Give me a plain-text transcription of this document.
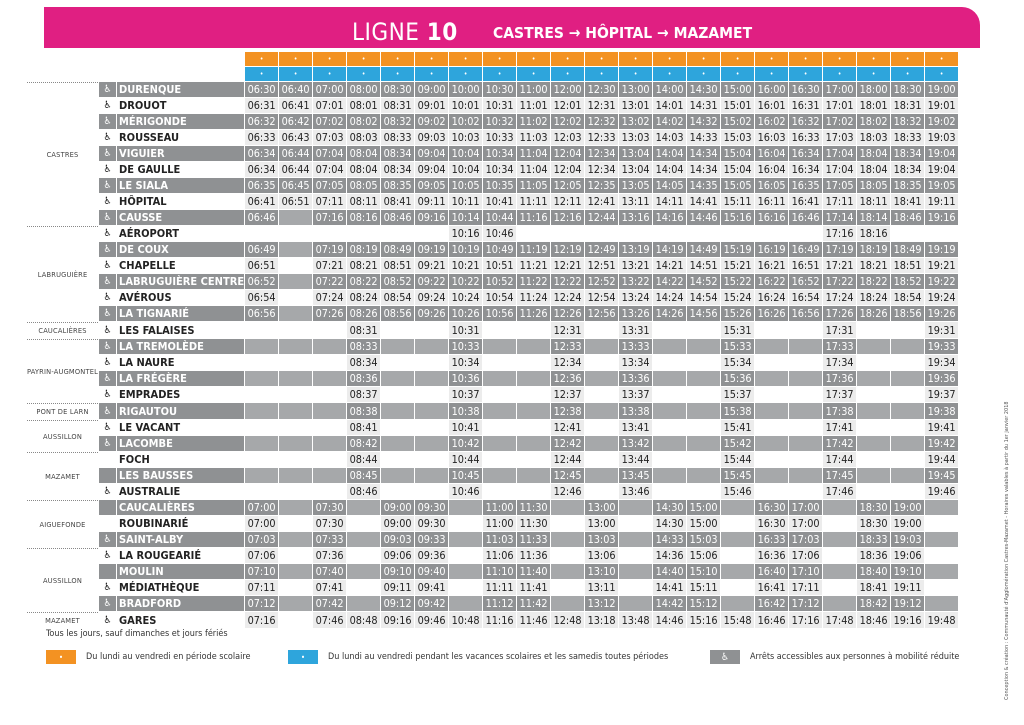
LIGNE 10 CASTRES → HÔPITAL → MAZAMET
			•	•	•	•	•	•	•	•	•	•	•	•	•	•	•	•	•	•	•	•	•
			•	•	•	•	•	•	•	•	•	•	•	•	•	•	•	•	•	•	•	•	•
CASTRES	♿	DURENQUE	06:30	06:40	07:00	08:00	08:30	09:00	10:00	10:30	11:00	12:00	12:30	13:00	14:00	14:30	15:00	16:00	16:30	17:00	18:00	18:30	19:00
	♿	DROUOT	06:31	06:41	07:01	08:01	08:31	09:01	10:01	10:31	11:01	12:01	12:31	13:01	14:01	14:31	15:01	16:01	16:31	17:01	18:01	18:31	19:01
	♿	MÉRIGONDE	06:32	06:42	07:02	08:02	08:32	09:02	10:02	10:32	11:02	12:02	12:32	13:02	14:02	14:32	15:02	16:02	16:32	17:02	18:02	18:32	19:02
	♿	ROUSSEAU	06:33	06:43	07:03	08:03	08:33	09:03	10:03	10:33	11:03	12:03	12:33	13:03	14:03	14:33	15:03	16:03	16:33	17:03	18:03	18:33	19:03
	♿	VIGUIER	06:34	06:44	07:04	08:04	08:34	09:04	10:04	10:34	11:04	12:04	12:34	13:04	14:04	14:34	15:04	16:04	16:34	17:04	18:04	18:34	19:04
	♿	DE GAULLE	06:34	06:44	07:04	08:04	08:34	09:04	10:04	10:34	11:04	12:04	12:34	13:04	14:04	14:34	15:04	16:04	16:34	17:04	18:04	18:34	19:04
	♿	LE SIALA	06:35	06:45	07:05	08:05	08:35	09:05	10:05	10:35	11:05	12:05	12:35	13:05	14:05	14:35	15:05	16:05	16:35	17:05	18:05	18:35	19:05
	♿	HÔPITAL	06:41	06:51	07:11	08:11	08:41	09:11	10:11	10:41	11:11	12:11	12:41	13:11	14:11	14:41	15:11	16:11	16:41	17:11	18:11	18:41	19:11
	♿	CAUSSE	06:46		07:16	08:16	08:46	09:16	10:14	10:44	11:16	12:16	12:44	13:16	14:16	14:46	15:16	16:16	16:46	17:14	18:14	18:46	19:16
LABRUGUIÈRE	♿	AÉROPORT							10:16	10:46										17:16	18:16		
	♿	DE COUX	06:49		07:19	08:19	08:49	09:19	10:19	10:49	11:19	12:19	12:49	13:19	14:19	14:49	15:19	16:19	16:49	17:19	18:19	18:49	19:19
	♿	CHAPELLE	06:51		07:21	08:21	08:51	09:21	10:21	10:51	11:21	12:21	12:51	13:21	14:21	14:51	15:21	16:21	16:51	17:21	18:21	18:51	19:21
	♿	LABRUGUIÈRE CENTRE	06:52		07:22	08:22	08:52	09:22	10:22	10:52	11:22	12:22	12:52	13:22	14:22	14:52	15:22	16:22	16:52	17:22	18:22	18:52	19:22
	♿	AVÉROUS	06:54		07:24	08:24	08:54	09:24	10:24	10:54	11:24	12:24	12:54	13:24	14:24	14:54	15:24	16:24	16:54	17:24	18:24	18:54	19:24
	♿	LA TIGNARIÉ	06:56		07:26	08:26	08:56	09:26	10:26	10:56	11:26	12:26	12:56	13:26	14:26	14:56	15:26	16:26	16:56	17:26	18:26	18:56	19:26
CAUCALIÈRES	♿	LES FALAISES				08:31			10:31			12:31		13:31			15:31			17:31			19:31
PAYRIN-AUGMONTEL	♿	LA TREMOLÈDE				08:33			10:33			12:33		13:33			15:33			17:33			19:33
	♿	LA NAURE				08:34			10:34			12:34		13:34			15:34			17:34			19:34
	♿	LA FRÉGÈRE				08:36			10:36			12:36		13:36			15:36			17:36			19:36
	♿	EMPRADES				08:37			10:37			12:37		13:37			15:37			17:37			19:37
PONT DE LARN	♿	RIGAUTOU				08:38			10:38			12:38		13:38			15:38			17:38			19:38
AUSSILLON	♿	LE VACANT				08:41			10:41			12:41		13:41			15:41			17:41			19:41
	♿	LACOMBE				08:42			10:42			12:42		13:42			15:42			17:42			19:42
MAZAMET		FOCH				08:44			10:44			12:44		13:44			15:44			17:44			19:44
		LES BAUSSES				08:45			10:45			12:45		13:45			15:45			17:45			19:45
	♿	AUSTRALIE				08:46			10:46			12:46		13:46			15:46			17:46			19:46
AIGUEFONDE		CAUCALIÈRES	07:00		07:30		09:00	09:30		11:00	11:30		13:00		14:30	15:00		16:30	17:00		18:30	19:00	
		ROUBINARIÉ	07:00		07:30		09:00	09:30		11:00	11:30		13:00		14:30	15:00		16:30	17:00		18:30	19:00	
	♿	SAINT-ALBY	07:03		07:33		09:03	09:33		11:03	11:33		13:03		14:33	15:03		16:33	17:03		18:33	19:03	
AUSSILLON	♿	LA ROUGEARIÉ	07:06		07:36		09:06	09:36		11:06	11:36		13:06		14:36	15:06		16:36	17:06		18:36	19:06	
		MOULIN	07:10		07:40		09:10	09:40		11:10	11:40		13:10		14:40	15:10		16:40	17:10		18:40	19:10	
	♿	MÉDIATHÈQUE	07:11		07:41		09:11	09:41		11:11	11:41		13:11		14:41	15:11		16:41	17:11		18:41	19:11	
	♿	BRADFORD	07:12		07:42		09:12	09:42		11:12	11:42		13:12		14:42	15:12		16:42	17:12		18:42	19:12	
MAZAMET	♿	GARES	07:16		07:46	08:48	09:16	09:46	10:48	11:16	11:46	12:48	13:18	13:48	14:46	15:16	15:48	16:46	17:16	17:48	18:46	19:16	19:48
Tous les jours, sauf dimanches et jours fériés
•	Du lundi au vendredi en période scolaire	•	Du lundi au vendredi pendant les vacances scolaires et les samedis toutes périodes	♿	Arrêts accessibles aux personnes à mobilité réduite	Conception & création : Communauté d'Agglomération Castres-Mazamet - Horaires valables à partir du 1er janvier 2018
